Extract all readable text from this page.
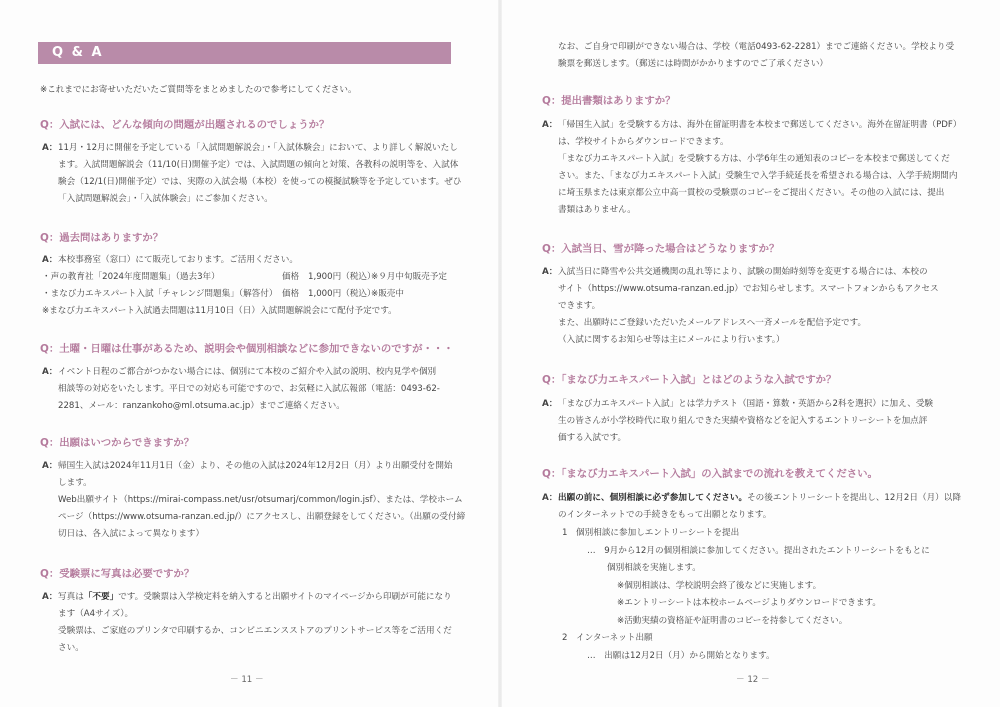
Q & A
※これまでにお寄せいただいたご質問等をまとめましたので参考にしてください。
Q：入試には、どんな傾向の問題が出題されるのでしょうか？
A： 11月・12月に開催を予定している「入試問題解説会」・「入試体験会」において、より詳しく解説いたし
ます。入試問題解説会（11/10(日)開催予定）では、入試問題の傾向と対策、各教科の説明等を、入試体
験会（12/1(日)開催予定）では、実際の入試会場（本校）を使っての模擬試験等を予定しています。ぜひ
「入試問題解説会」・「入試体験会」にご参加ください。
Q：過去問はありますか？
A： 本校事務室（窓口）にて販売しております。ご活用ください。
・声の教育社「2024年度問題集」（過去3年）	価格 1,900円（税込）
※９月中旬販売予定
・まなび力エキスパート入試「チャレンジ問題集」（解答付） 価格 1,000円（税込）
※販売中
※まなび力エキスパート入試過去問題は11月10日（日）入試問題解説会にて配付予定です。
Q：土曜・日曜は仕事があるため、説明会や個別相談などに参加できないのですが・・・
A： イベント日程のご都合がつかない場合には、個別にて本校のご紹介や入試の説明、校内見学や個別
相談等の対応をいたします。平日での対応も可能ですので、お気軽に入試広報部（電話：0493-62-
2281、メール：ranzankoho@ml.otsuma.ac.jp）までご連絡ください。
Q：出願はいつからできますか？
A： 帰国生入試は2024年11月1日（金）より、その他の入試は2024年12月2日（月）より出願受付を開始
します。
Web出願サイト（https://mirai-compass.net/usr/otsumarj/common/login.jsf）、または、学校ホーム
ページ（https://www.otsuma-ranzan.ed.jp/）にアクセスし、出願登録をしてください。（出願の受付締
切日は、各入試によって異なります）
Q：受験票に写真は必要ですか？
A： 写真は「不要」です。受験票は入学検定料を納入すると出願サイトのマイページから印刷が可能になり
ます（A4サイズ）。
受験票は、ご家庭のプリンタで印刷するか、コンビニエンスストアのプリントサービス等をご活用くだ
さい。
－ 11 －
なお、ご自身で印刷ができない場合は、学校（電話0493-62-2281）までご連絡ください。学校より受
験票を郵送します。（郵送には時間がかかりますのでご了承ください）
Q：提出書類はありますか？
A： 「帰国生入試」を受験する方は、海外在留証明書を本校まで郵送してください。海外在留証明書（PDF）
は、学校サイトからダウンロードできます。
「まなび力エキスパート入試」を受験する方は、小学6年生の通知表のコピーを本校まで郵送してくだ
さい。また、「まなび力エキスパート入試」受験生で入学手続延長を希望される場合は、入学手続期間内
に埼玉県または東京都公立中高一貫校の受験票のコピーをご提出ください。その他の入試には、提出
書類はありません。
Q：入試当日、雪が降った場合はどうなりますか？
A： 入試当日に降雪や公共交通機関の乱れ等により、試験の開始時刻等を変更する場合には、本校の
サイト（https://www.otsuma-ranzan.ed.jp）でお知らせします。スマートフォンからもアクセス
できます。
また、出願時にご登録いただいたメールアドレスへ一斉メールを配信予定です。
（入試に関するお知らせ等は主にメールにより行います。）
Q：「まなび力エキスパート入試」とはどのような入試ですか？
A： 「まなび力エキスパート入試」とは学力テスト（国語・算数・英語から2科を選択）に加え、受験
生の皆さんが小学校時代に取り組んできた実績や資格などを記入するエントリーシートを加点評
価する入試です。
Q：「まなび力エキスパート入試」の入試までの流れを教えてください。
A： 出願の前に、個別相談に必ず参加してください。その後エントリーシートを提出し、12月2日（月）以降
のインターネットでの手続きをもって出願となります。
1　個別相談に参加しエントリーシートを提出
…　9月から12月の個別相談に参加してください。提出されたエントリーシートをもとに
個別相談を実施します。
※個別相談は、学校説明会終了後などに実施します。
※エントリーシートは本校ホームページよりダウンロードできます。
※活動実績の資格証や証明書のコピーを持参してください。
2　インターネット出願
…　出願は12月2日（月）から開始となります。
－ 12 －
